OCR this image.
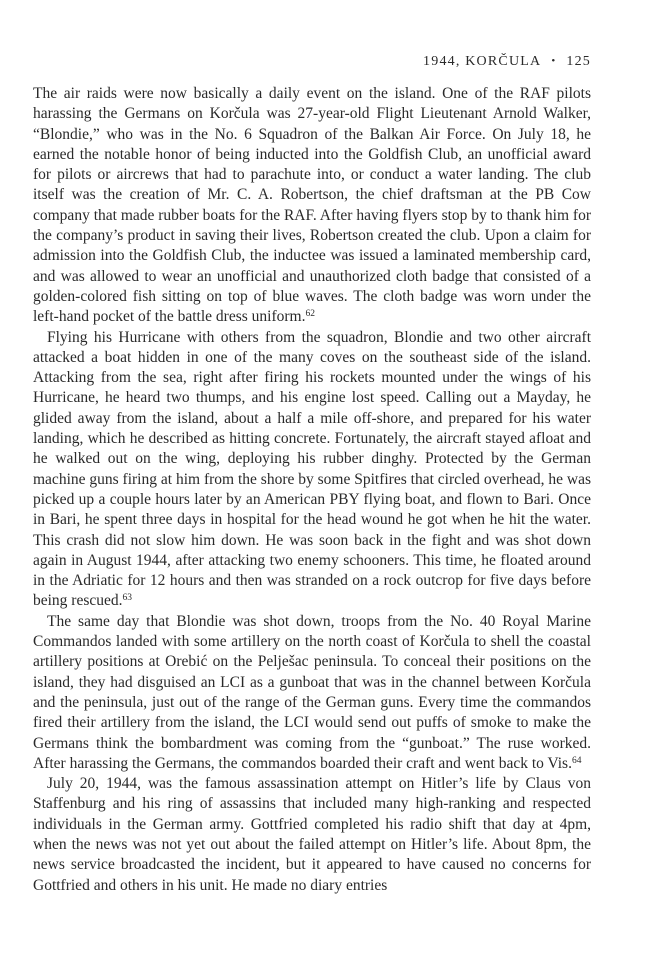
1944, KORČULA • 125

The air raids were now basically a daily event on the island. One of the RAF pilots harassing the Germans on Korčula was 27-year-old Flight Lieutenant Arnold Walker, “Blondie,” who was in the No. 6 Squadron of the Balkan Air Force. On July 18, he earned the notable honor of being inducted into the Goldfish Club, an unofficial award for pilots or aircrews that had to parachute into, or conduct a water landing. The club itself was the creation of Mr. C. A. Robertson, the chief draftsman at the PB Cow company that made rubber boats for the RAF. After having flyers stop by to thank him for the company’s product in saving their lives, Robertson created the club. Upon a claim for admission into the Goldfish Club, the inductee was issued a laminated membership card, and was allowed to wear an unofficial and unauthorized cloth badge that consisted of a golden-colored fish sitting on top of blue waves. The cloth badge was worn under the left-hand pocket of the battle dress uniform.$^{62}$

Flying his Hurricane with others from the squadron, Blondie and two other aircraft attacked a boat hidden in one of the many coves on the southeast side of the island. Attacking from the sea, right after firing his rockets mounted under the wings of his Hurricane, he heard two thumps, and his engine lost speed. Calling out a Mayday, he glided away from the island, about a half a mile off-shore, and prepared for his water landing, which he described as hitting concrete. Fortunately, the aircraft stayed afloat and he walked out on the wing, deploying his rubber dinghy. Protected by the German machine guns firing at him from the shore by some Spitfires that circled overhead, he was picked up a couple hours later by an American PBY flying boat, and flown to Bari. Once in Bari, he spent three days in hospital for the head wound he got when he hit the water. This crash did not slow him down. He was soon back in the fight and was shot down again in August 1944, after attacking two enemy schooners. This time, he floated around in the Adriatic for 12 hours and then was stranded on a rock outcrop for five days before being rescued.$^{63}$

The same day that Blondie was shot down, troops from the No. 40 Royal Marine Commandos landed with some artillery on the north coast of Korčula to shell the coastal artillery positions at Orebić on the Pelješac peninsula. To conceal their positions on the island, they had disguised an LCI as a gunboat that was in the channel between Korčula and the peninsula, just out of the range of the German guns. Every time the commandos fired their artillery from the island, the LCI would send out puffs of smoke to make the Germans think the bombardment was coming from the “gunboat.” The ruse worked. After harassing the Germans, the commandos boarded their craft and went back to Vis.$^{64}$

July 20, 1944, was the famous assassination attempt on Hitler’s life by Claus von Staffenburg and his ring of assassins that included many high-ranking and respected individuals in the German army. Gottfried completed his radio shift that day at 4pm, when the news was not yet out about the failed attempt on Hitler’s life. About 8pm, the news service broadcasted the incident, but it appeared to have caused no concerns for Gottfried and others in his unit. He made no diary entries
